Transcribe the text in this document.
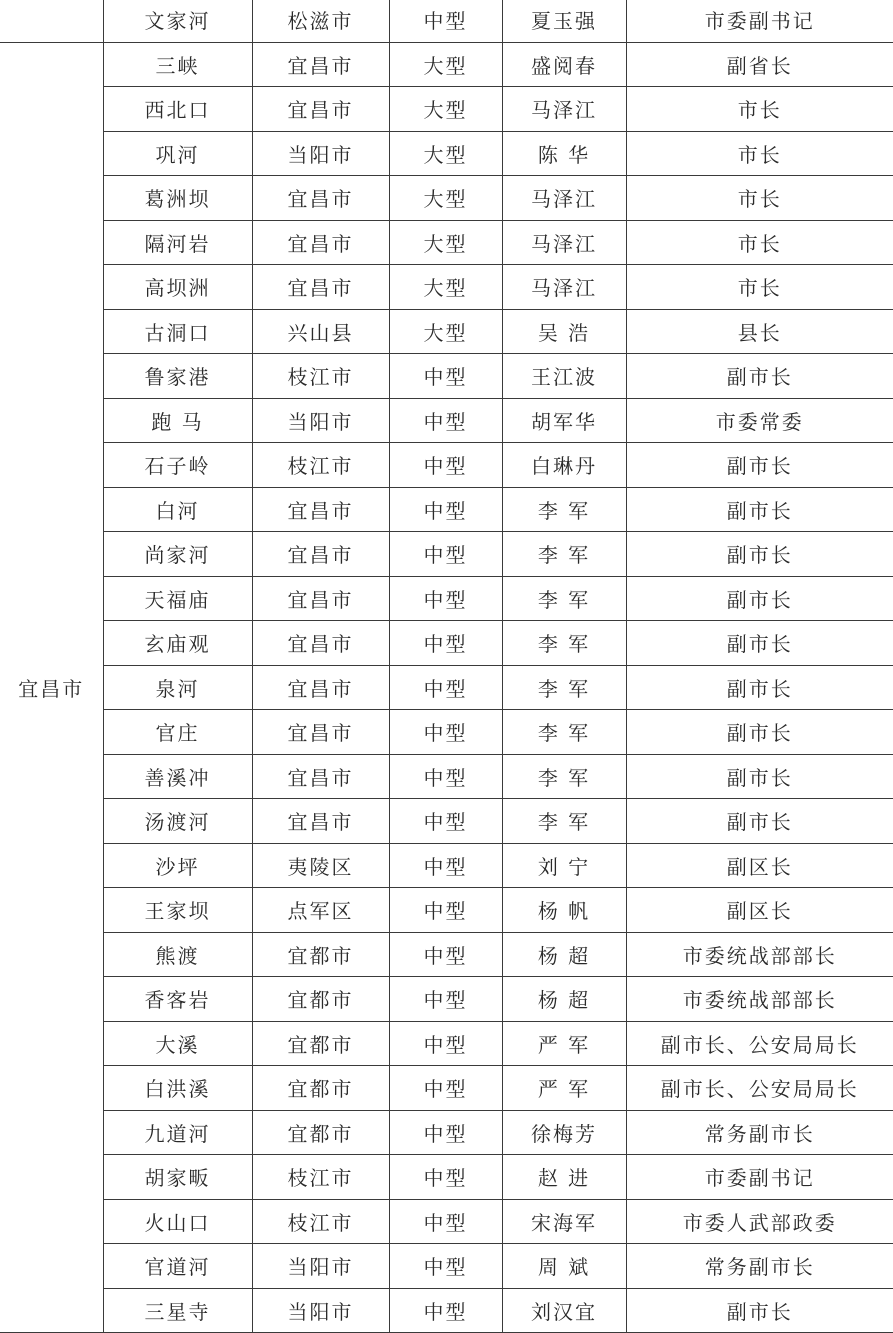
	文家河	松滋市	中型	夏玉强	市委副书记
宜昌市	三峡	宜昌市	大型	盛阅春	副省长
	西北口	宜昌市	大型	马泽江	市长
	巩河	当阳市	大型	陈 华	市长
	葛洲坝	宜昌市	大型	马泽江	市长
	隔河岩	宜昌市	大型	马泽江	市长
	高坝洲	宜昌市	大型	马泽江	市长
	古洞口	兴山县	大型	吴 浩	县长
	鲁家港	枝江市	中型	王江波	副市长
	跑 马	当阳市	中型	胡军华	市委常委
	石子岭	枝江市	中型	白琳丹	副市长
	白河	宜昌市	中型	李 军	副市长
	尚家河	宜昌市	中型	李 军	副市长
	天福庙	宜昌市	中型	李 军	副市长
	玄庙观	宜昌市	中型	李 军	副市长
	泉河	宜昌市	中型	李 军	副市长
	官庄	宜昌市	中型	李 军	副市长
	善溪冲	宜昌市	中型	李 军	副市长
	汤渡河	宜昌市	中型	李 军	副市长
	沙坪	夷陵区	中型	刘 宁	副区长
	王家坝	点军区	中型	杨 帆	副区长
	熊渡	宜都市	中型	杨 超	市委统战部部长
	香客岩	宜都市	中型	杨 超	市委统战部部长
	大溪	宜都市	中型	严 军	副市长、公安局局长
	白洪溪	宜都市	中型	严 军	副市长、公安局局长
	九道河	宜都市	中型	徐梅芳	常务副市长
	胡家畈	枝江市	中型	赵 进	市委副书记
	火山口	枝江市	中型	宋海军	市委人武部政委
	官道河	当阳市	中型	周 斌	常务副市长
	三星寺	当阳市	中型	刘汉宜	副市长
